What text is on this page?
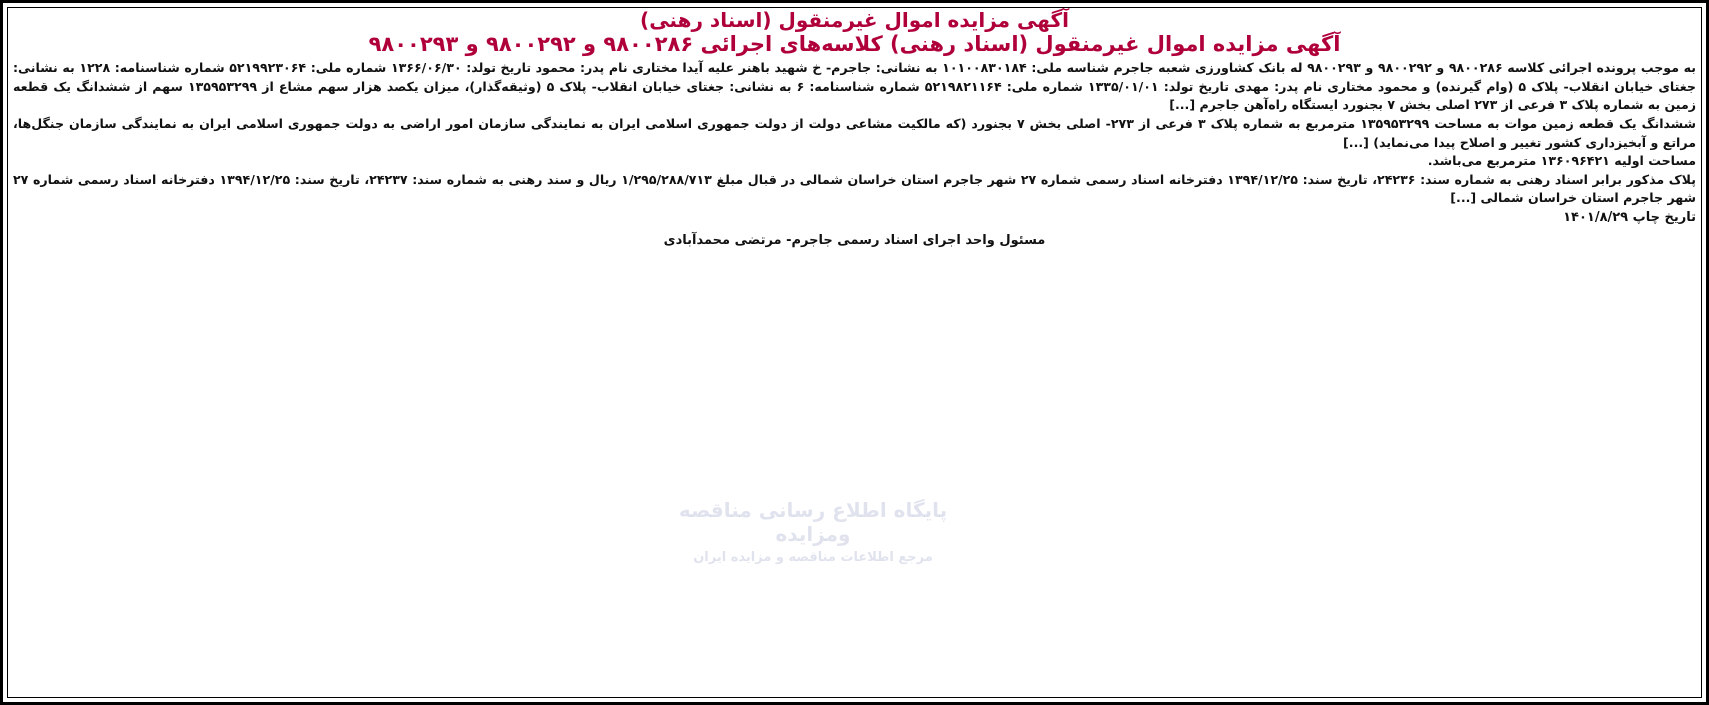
آگهی مزایده اموال غیرمنقول (اسناد رهنی)
آگهی مزایده اموال غیرمنقول (اسناد رهنی) کلاسه‌های اجرائی ۹۸۰۰۲۸۶ و ۹۸۰۰۲۹۲ و ۹۸۰۰۲۹۳

به موجب پرونده اجرائی کلاسه ۹۸۰۰۲۸۶ و ۹۸۰۰۲۹۲ و ۹۸۰۰۲۹۳ له بانک کشاورزی شعبه جاجرم شناسه ملی: ۱۰۱۰۰۸۳۰۱۸۴ به نشانی: جاجرم- خ شهید باهنر علیه آیدا مختاری نام پدر: محمود تاریخ تولد: ۱۳۶۶/۰۶/۳۰ شماره ملی: ۵۲۱۹۹۲۳۰۶۴ شماره شناسنامه: ۱۲۲۸ به نشانی: جغتای خیابان انقلاب- پلاک ۵ (وام گیرنده) و محمود مختاری نام پدر: مهدی تاریخ تولد: ۱۳۳۵/۰۱/۰۱ شماره ملی: ۵۲۱۹۸۲۱۱۶۴ شماره شناسنامه: ۶ به نشانی: جغتای خیابان انقلاب- پلاک ۵ (وثیقه‌گذار)، میزان یکصد هزار سهم مشاع از ۱۳۵۹۵۳۲۹۹ سهم از ششدانگ یک قطعه زمین به شماره پلاک ۳ فرعی از ۲۷۳ اصلی بخش ۷ بجنورد ایستگاه راه‌آهن جاجرم [...]

ششدانگ یک قطعه زمین موات به مساحت ۱۳۵۹۵۳۲۹۹ مترمربع به شماره پلاک ۳ فرعی از ۲۷۳- اصلی بخش ۷ بجنورد (که مالکیت مشاعی دولت از دولت جمهوری اسلامی ایران به نمایندگی سازمان امور اراضی به دولت جمهوری اسلامی ایران به نمایندگی سازمان جنگل‌ها، مراتع و آبخیزداری کشور تغییر و اصلاح پیدا می‌نماید) [...]

مساحت اولیه ۱۳۶۰۹۶۴۲۱ مترمربع می‌باشد.

پلاک مذکور برابر اسناد رهنی به شماره سند: ۲۴۲۳۶، تاریخ سند: ۱۳۹۴/۱۲/۲۵ دفترخانه اسناد رسمی شماره ۲۷ شهر جاجرم استان خراسان شمالی در قبال مبلغ ۱/۲۹۵/۲۸۸/۷۱۳ ریال و سند رهنی به شماره سند: ۲۴۲۳۷، تاریخ سند: ۱۳۹۴/۱۲/۲۵ دفترخانه اسناد رسمی شماره ۲۷ شهر جاجرم استان خراسان شمالی [...]

تاریخ چاپ ۱۴۰۱/۸/۲۹
مسئول واحد اجرای اسناد رسمی جاجرم- مرتضی محمدآبادی
پایگاه اطلاع رسانی مناقصه ومزایده
مرجع اطلاعات مناقصه و مزایده ایران
